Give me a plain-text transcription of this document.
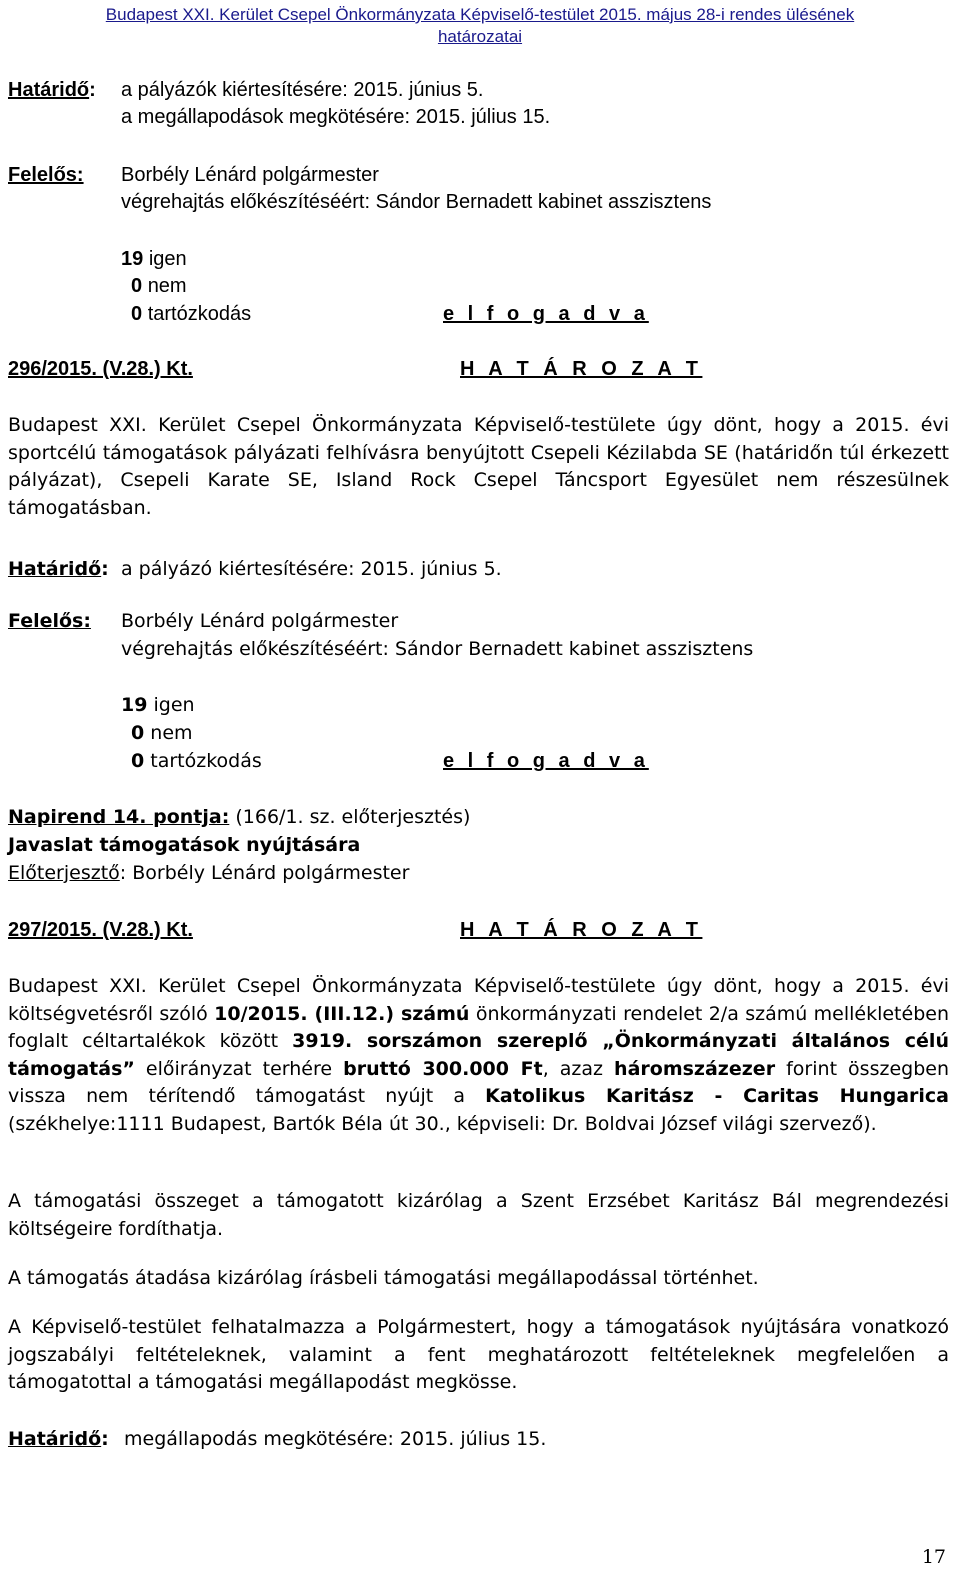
Budapest XXI. Kerület Csepel Önkormányzata Képviselő-testület 2015. május 28-i rendes ülésének
határozatai
Határidő: a pályázók kiértesítésére: 2015. június 5.
a megállapodások megkötésére: 2015. július 15.
Felelős: Borbély Lénárd polgármester
végrehajtás előkészítéséért: Sándor Bernadett kabinet asszisztens
19 igen
0 nem
0 tartózkodás	e l f o g a d v a
296/2015. (V.28.) Kt.	H A T Á R O Z A T
Budapest XXI. Kerület Csepel Önkormányzata Képviselő-testülete úgy dönt, hogy a 2015. évi sportcélú támogatások pályázati felhívásra benyújtott Csepeli Kézilabda SE (határidőn túl érkezett pályázat), Csepeli Karate SE, Island Rock Csepel Táncsport Egyesület nem részesülnek támogatásban.
Határidő: a pályázó kiértesítésére: 2015. június 5.
Felelős: Borbély Lénárd polgármester
végrehajtás előkészítéséért: Sándor Bernadett kabinet asszisztens
19 igen
0 nem
0 tartózkodás	e l f o g a d v a
Napirend 14. pontja: (166/1. sz. előterjesztés)
Javaslat támogatások nyújtására
Előterjesztő: Borbély Lénárd polgármester
297/2015. (V.28.) Kt.	H A T Á R O Z A T
Budapest XXI. Kerület Csepel Önkormányzata Képviselő-testülete úgy dönt, hogy a 2015. évi költségvetésről szóló 10/2015. (III.12.) számú önkormányzati rendelet 2/a számú mellékletében foglalt céltartalékok között 3919. sorszámon szereplő „Önkormányzati általános célú támogatás” előirányzat terhére bruttó 300.000 Ft, azaz háromszázezer forint összegben vissza nem térítendő támogatást nyújt a Katolikus Karitász - Caritas Hungarica (székhelye:1111 Budapest, Bartók Béla út 30., képviseli: Dr. Boldvai József világi szervező).
A támogatási összeget a támogatott kizárólag a Szent Erzsébet Karitász Bál megrendezési költségeire fordíthatja.
A támogatás átadása kizárólag írásbeli támogatási megállapodással történhet.
A Képviselő-testület felhatalmazza a Polgármestert, hogy a támogatások nyújtására vonatkozó jogszabályi feltételeknek, valamint a fent meghatározott feltételeknek megfelelően a támogatottal a támogatási megállapodást megkösse.
Határidő: megállapodás megkötésére: 2015. július 15.
17
